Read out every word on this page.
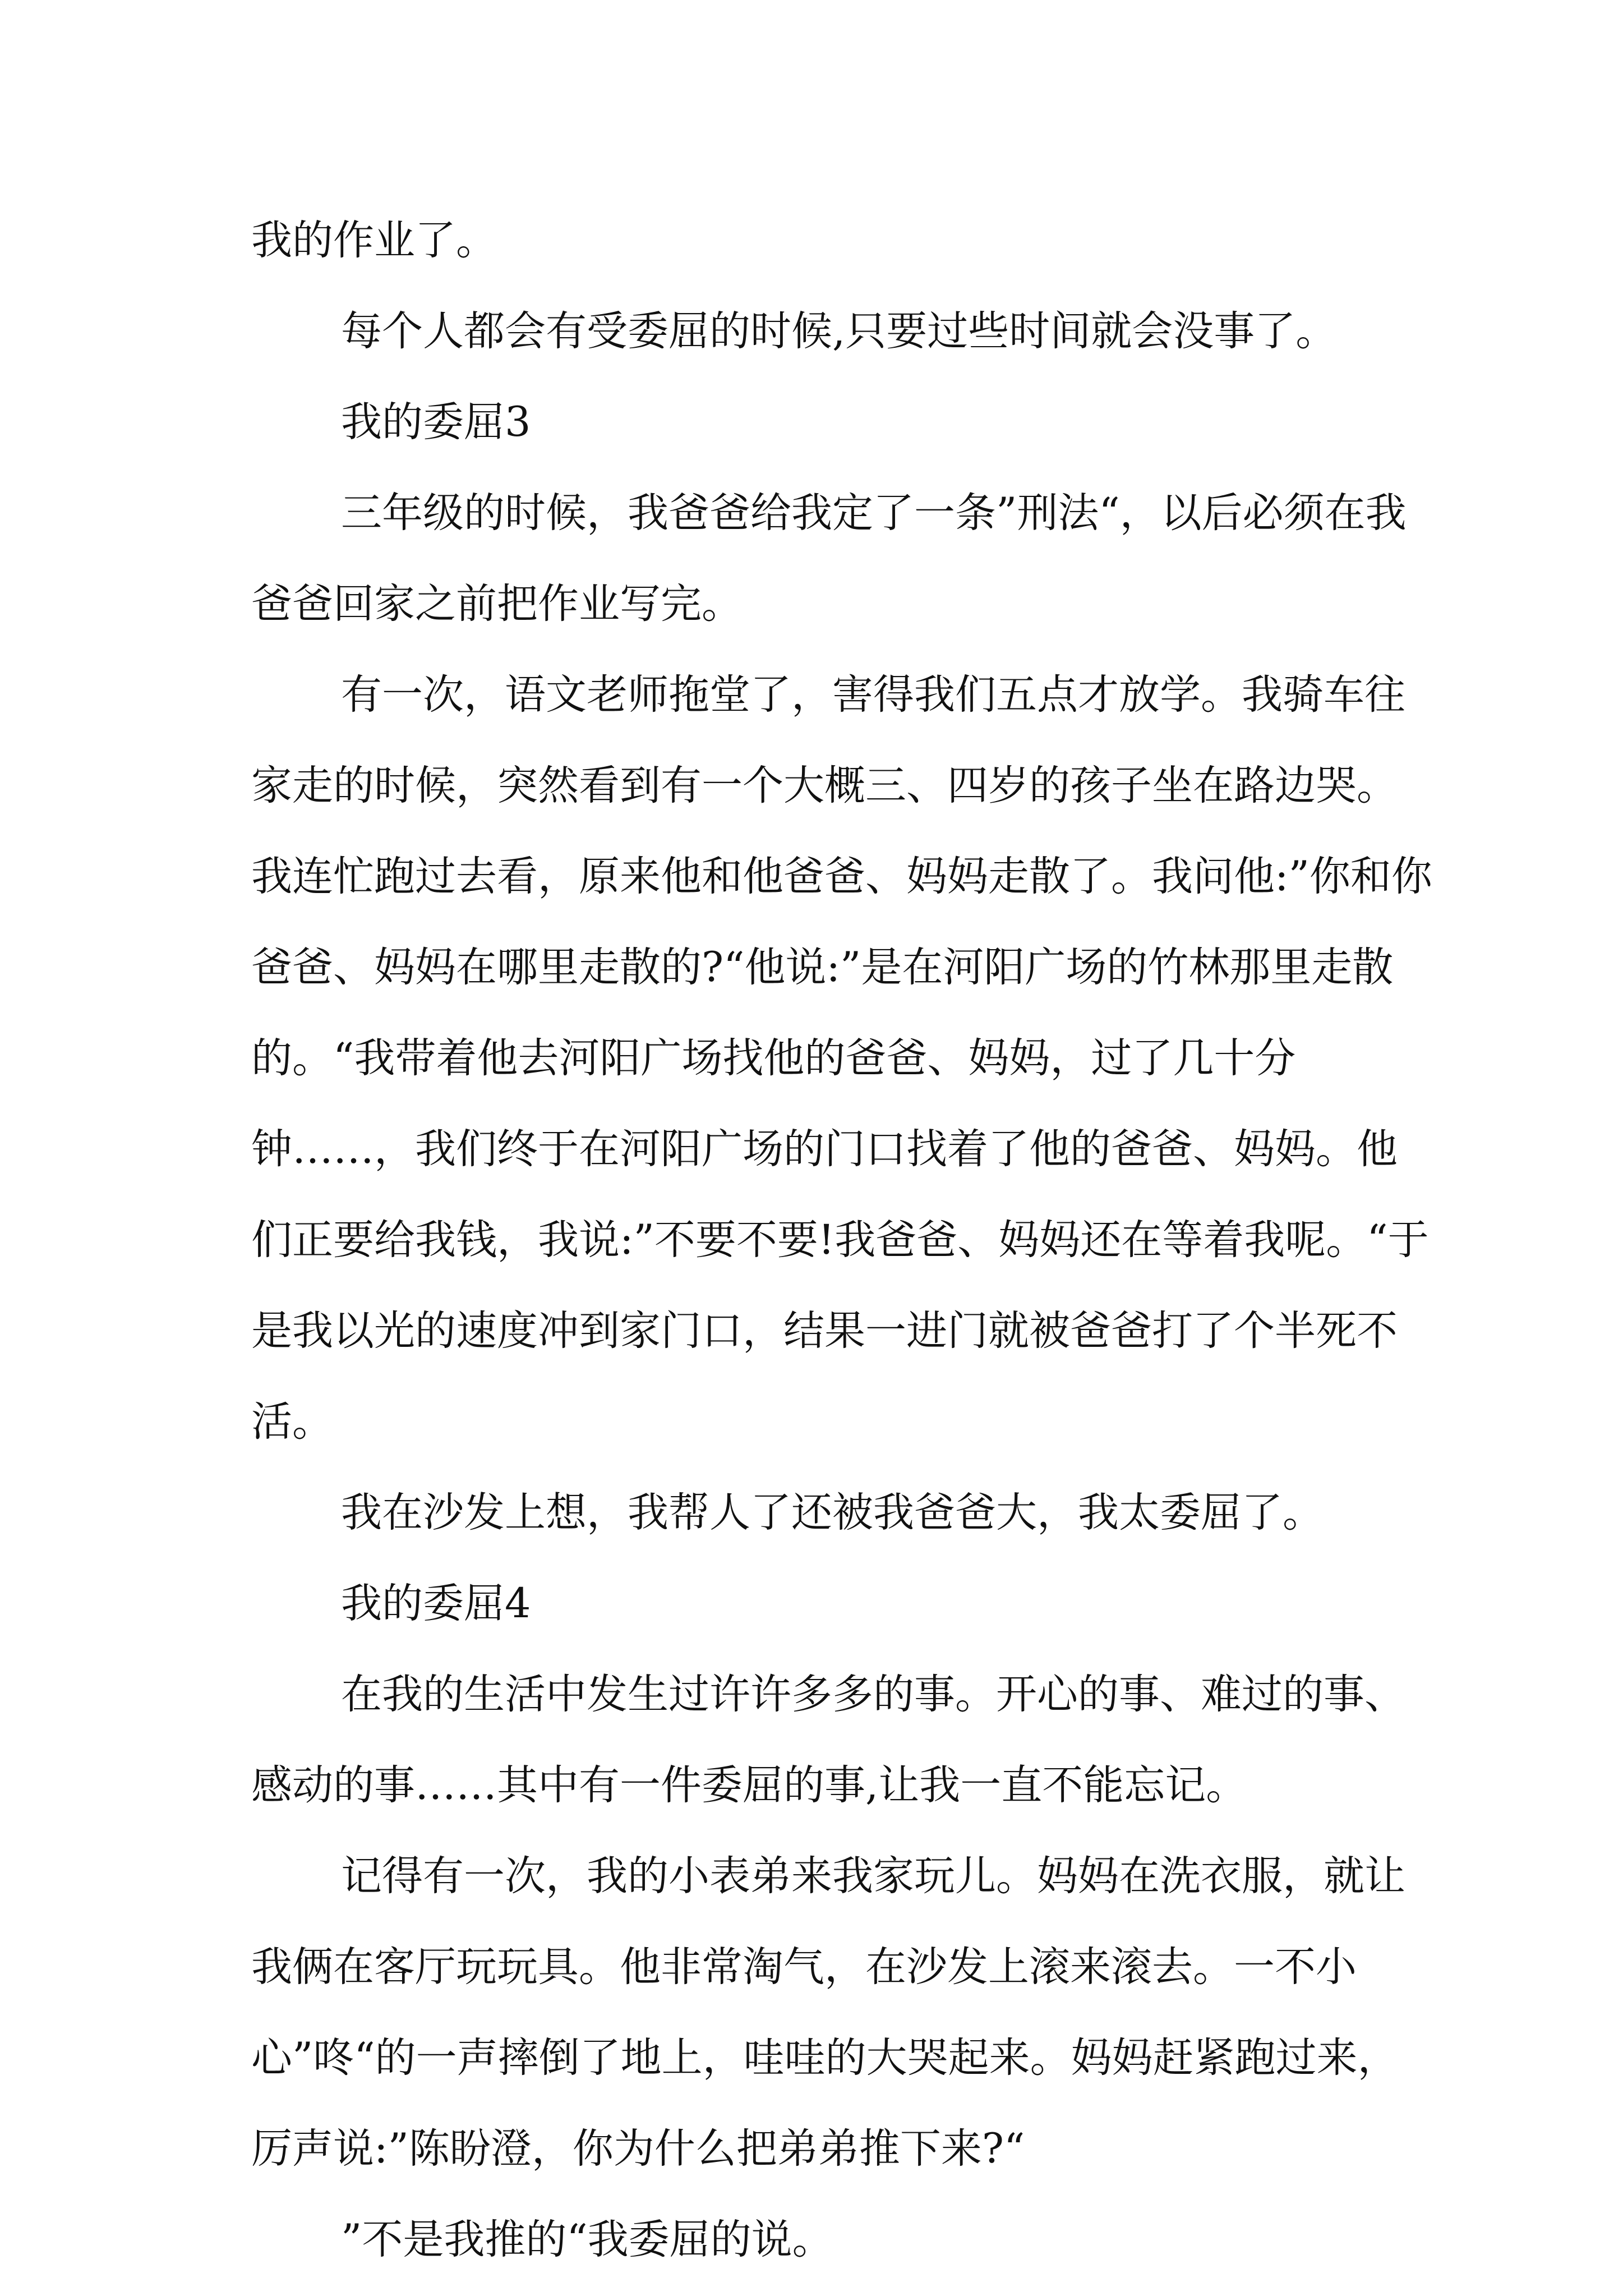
我的作业了。

每个人都会有受委屈的时候,只要过些时间就会没事了。

我的委屈3

三年级的时候，我爸爸给我定了一条”刑法“，以后必须在我爸爸回家之前把作业写完。

有一次，语文老师拖堂了，害得我们五点才放学。我骑车往家走的时候，突然看到有一个大概三、四岁的孩子坐在路边哭。我连忙跑过去看，原来他和他爸爸、妈妈走散了。我问他:”你和你爸爸、妈妈在哪里走散的?“他说:”是在河阳广场的竹林那里走散的。“我带着他去河阳广场找他的爸爸、妈妈，过了几十分钟……，我们终于在河阳广场的门口找着了他的爸爸、妈妈。他们正要给我钱，我说:”不要不要!我爸爸、妈妈还在等着我呢。“于是我以光的速度冲到家门口，结果一进门就被爸爸打了个半死不活。

我在沙发上想，我帮人了还被我爸爸大，我太委屈了。

我的委屈4

在我的生活中发生过许许多多的事。开心的事、难过的事、感动的事……其中有一件委屈的事,让我一直不能忘记。

记得有一次，我的小表弟来我家玩儿。妈妈在洗衣服，就让我俩在客厅玩玩具。他非常淘气，在沙发上滚来滚去。一不小心”咚“的一声摔倒了地上，哇哇的大哭起来。妈妈赶紧跑过来，厉声说:”陈盼澄，你为什么把弟弟推下来?“

”不是我推的“我委屈的说。
